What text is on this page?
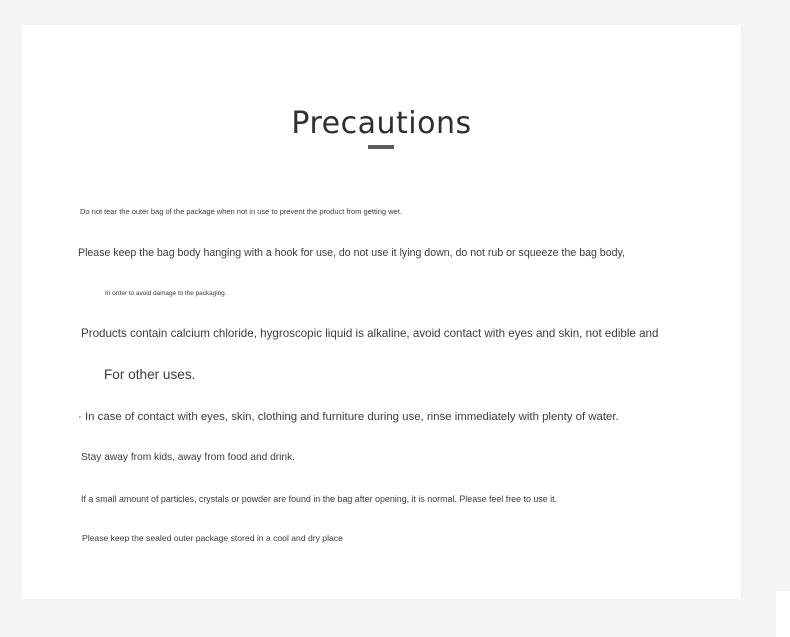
Precautions
Do not tear the outer bag of the package when not in use to prevent the product from getting wet.
Please keep the bag body hanging with a hook for use, do not use it lying down, do not rub or squeeze the bag body,
In order to avoid damage to the packaging.
Products contain calcium chloride, hygroscopic liquid is alkaline, avoid contact with eyes and skin, not edible and
For other uses.
· In case of contact with eyes, skin, clothing and furniture during use, rinse immediately with plenty of water.
Stay away from kids, away from food and drink.
If a small amount of particles, crystals or powder are found in the bag after opening, it is normal. Please feel free to use it.
Please keep the sealed outer package stored in a cool and dry place
